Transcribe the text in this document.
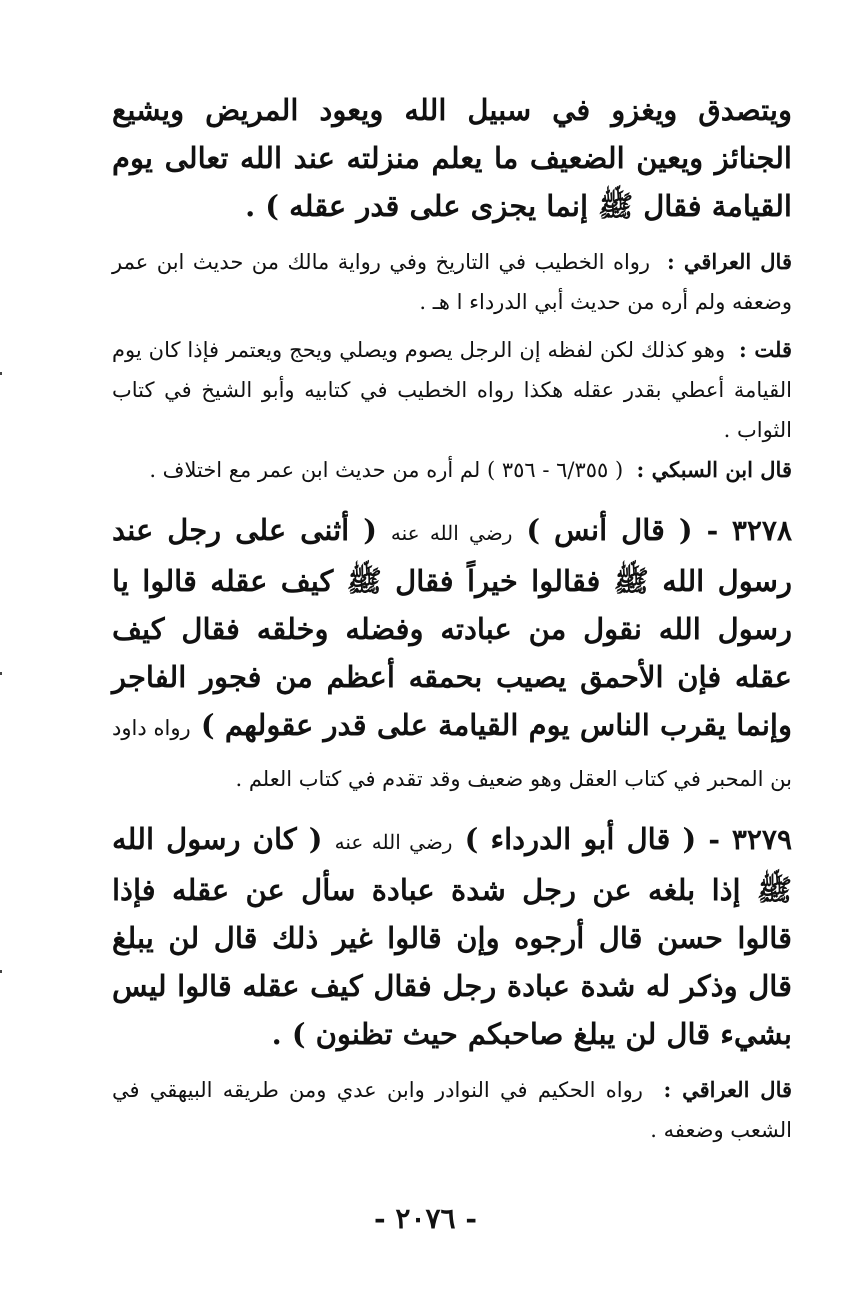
ويتصدق ويغزو في سبيل الله ويعود المريض ويشيع الجنائز ويعين الضعيف ما يعلم منزلته عند الله تعالى يوم القيامة فقال ﷺ إنما يجزى على قدر عقله ) .

قال العراقي :  رواه الخطيب في التاريخ وفي رواية مالك من حديث ابن عمر وضعفه ولم أره من حديث أبي الدرداء ا هـ .

قلت :  وهو كذلك لكن لفظه إن الرجل يصوم ويصلي ويحج ويعتمر فإذا كان يوم القيامة أعطي بقدر عقله هكذا رواه الخطيب في كتابيه وأبو الشيخ في كتاب الثواب .

قال ابن السبكي :  ( ٦/٣٥٥ - ٣٥٦ ) لم أره من حديث ابن عمر مع اختلاف .

٣٢٧٨ - ( قال أنس ) رضي الله عنه ( أثنى على رجل عند رسول الله ﷺ فقالوا خيراً فقال ﷺ كيف عقله قالوا يا رسول الله نقول من عبادته وفضله وخلقه فقال كيف عقله فإن الأحمق يصيب بحمقه أعظم من فجور الفاجر وإنما يقرب الناس يوم القيامة على قدر عقولهم ) رواه داود بن المحبر في كتاب العقل وهو ضعيف وقد تقدم في كتاب العلم .

٣٢٧٩ - ( قال أبو الدرداء ) رضي الله عنه ( كان رسول الله ﷺ إذا بلغه عن رجل شدة عبادة سأل عن عقله فإذا قالوا حسن قال أرجوه وإن قالوا غير ذلك قال لن يبلغ قال وذكر له شدة عبادة رجل فقال كيف عقله قالوا ليس بشيء قال لن يبلغ صاحبكم حيث تظنون ) .

قال العراقي :  رواه الحكيم في النوادر وابن عدي ومن طريقه البيهقي في الشعب وضعفه .

- ٢٠٧٦ -
